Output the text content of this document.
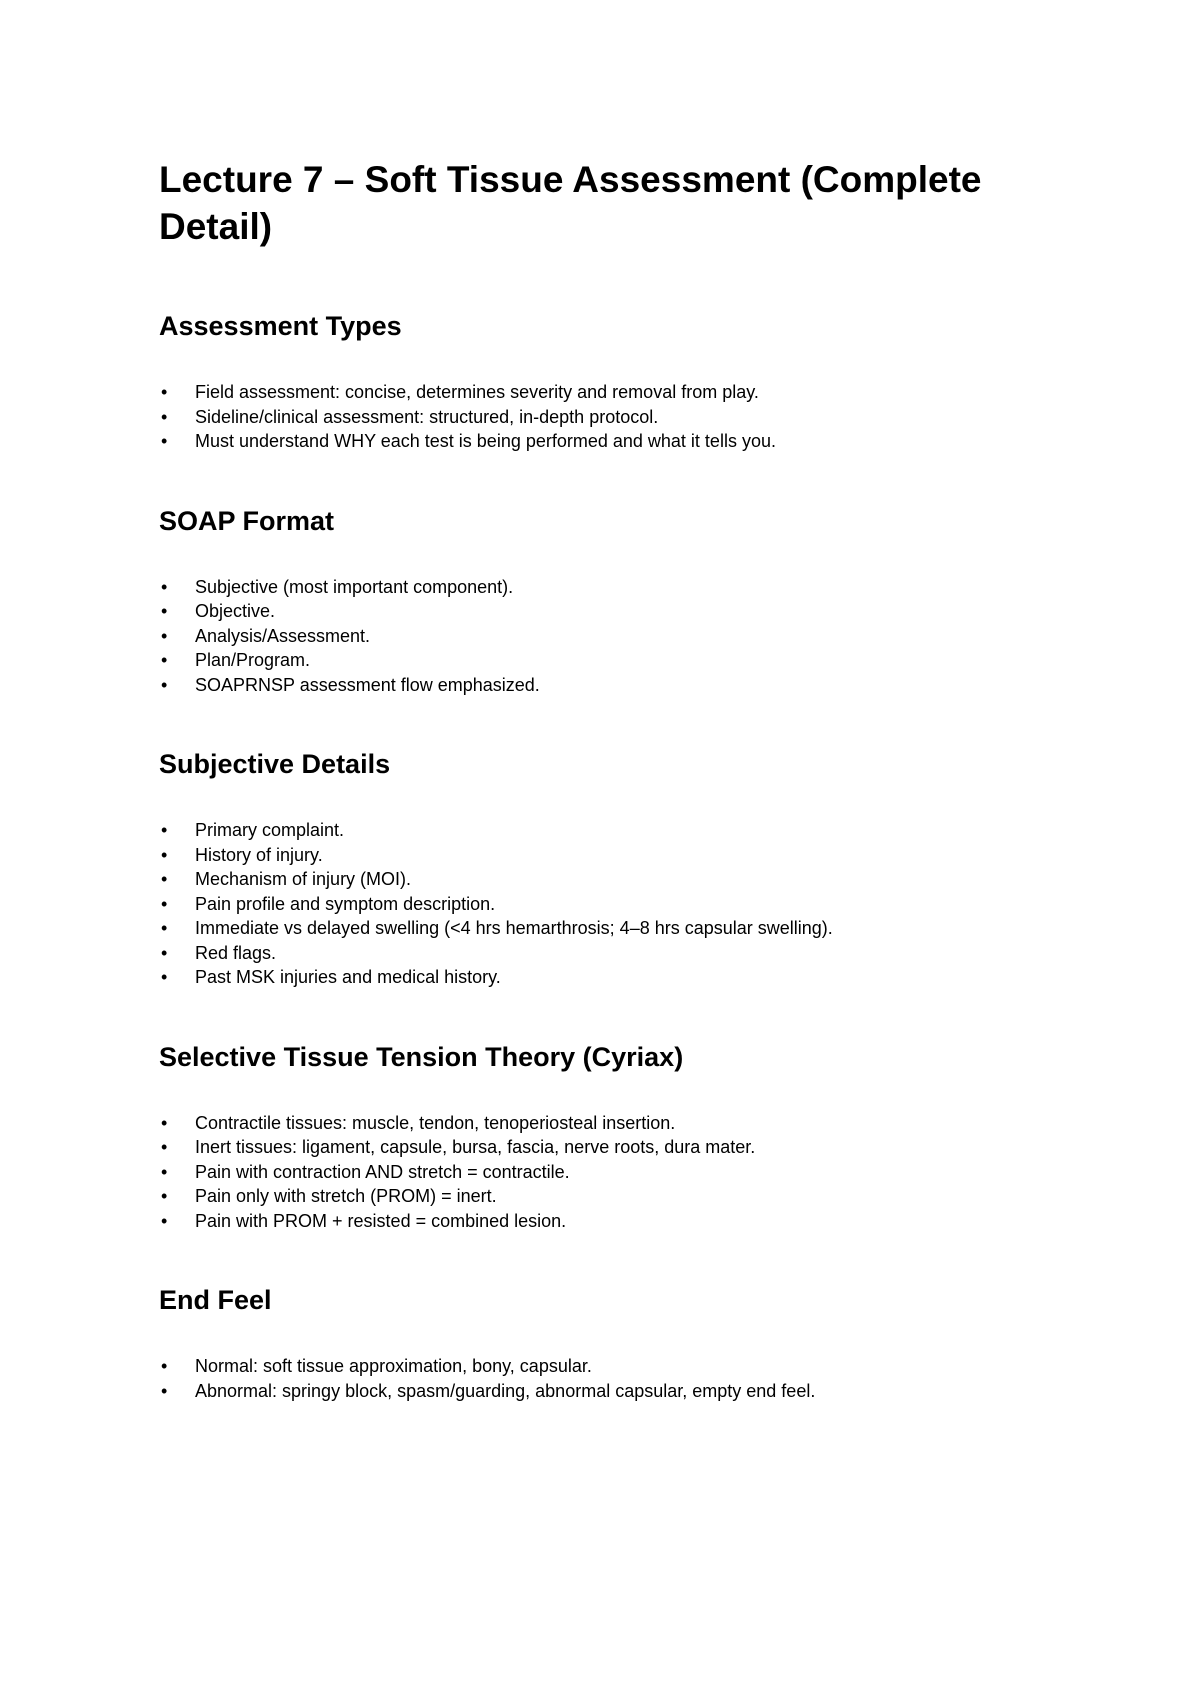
Lecture 7 – Soft Tissue Assessment (Complete Detail)
Assessment Types
• Field assessment: concise, determines severity and removal from play.
• Sideline/clinical assessment: structured, in-depth protocol.
• Must understand WHY each test is being performed and what it tells you.
SOAP Format
• Subjective (most important component).
• Objective.
• Analysis/Assessment.
• Plan/Program.
• SOAPRNSP assessment flow emphasized.
Subjective Details
• Primary complaint.
• History of injury.
• Mechanism of injury (MOI).
• Pain profile and symptom description.
• Immediate vs delayed swelling (<4 hrs hemarthrosis; 4–8 hrs capsular swelling).
• Red flags.
• Past MSK injuries and medical history.
Selective Tissue Tension Theory (Cyriax)
• Contractile tissues: muscle, tendon, tenoperiosteal insertion.
• Inert tissues: ligament, capsule, bursa, fascia, nerve roots, dura mater.
• Pain with contraction AND stretch = contractile.
• Pain only with stretch (PROM) = inert.
• Pain with PROM + resisted = combined lesion.
End Feel
• Normal: soft tissue approximation, bony, capsular.
• Abnormal: springy block, spasm/guarding, abnormal capsular, empty end feel.
